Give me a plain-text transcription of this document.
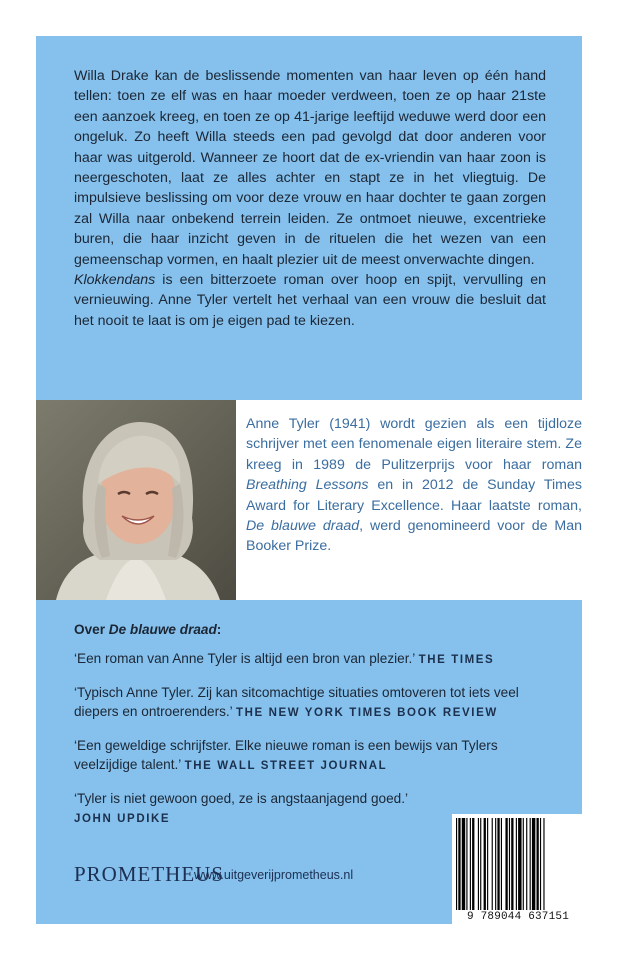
Willa Drake kan de beslissende momenten van haar leven op één hand tellen: toen ze elf was en haar moeder verdween, toen ze op haar 21ste een aanzoek kreeg, en toen ze op 41-jarige leeftijd weduwe werd door een ongeluk. Zo heeft Willa steeds een pad gevolgd dat door anderen voor haar was uitgerold. Wanneer ze hoort dat de ex-vriendin van haar zoon is neergeschoten, laat ze alles achter en stapt ze in het vliegtuig. De impulsieve beslissing om voor deze vrouw en haar dochter te gaan zorgen zal Willa naar onbekend terrein leiden. Ze ontmoet nieuwe, excentrieke buren, die haar inzicht geven in de rituelen die het wezen van een gemeenschap vormen, en haalt plezier uit de meest onverwachte dingen.

Klokkendans is een bitterzoete roman over hoop en spijt, vervulling en vernieuwing. Anne Tyler vertelt het verhaal van een vrouw die besluit dat het nooit te laat is om je eigen pad te kiezen.

Anne Tyler (1941) wordt gezien als een tijdloze schrijver met een fenomenale eigen literaire stem. Ze kreeg in 1989 de Pulitzerprijs voor haar roman Breathing Lessons en in 2012 de Sunday Times Award for Literary Excellence. Haar laatste roman, De blauwe draad, werd genomineerd voor de Man Booker Prize.

Over De blauwe draad:

‘Een roman van Anne Tyler is altijd een bron van plezier.’ THE TIMES

‘Typisch Anne Tyler. Zij kan sitcomachtige situaties omtoveren tot iets veel diepers en ontroerenders.’ THE NEW YORK TIMES BOOK REVIEW

‘Een geweldige schrijfster. Elke nieuwe roman is een bewijs van Tylers veelzijdige talent.’ THE WALL STREET JOURNAL

‘Tyler is niet gewoon goed, ze is angstaanjagend goed.’
JOHN UPDIKE

PROMETHEUS
www.uitgeverijprometheus.nl
9 789044 637151
